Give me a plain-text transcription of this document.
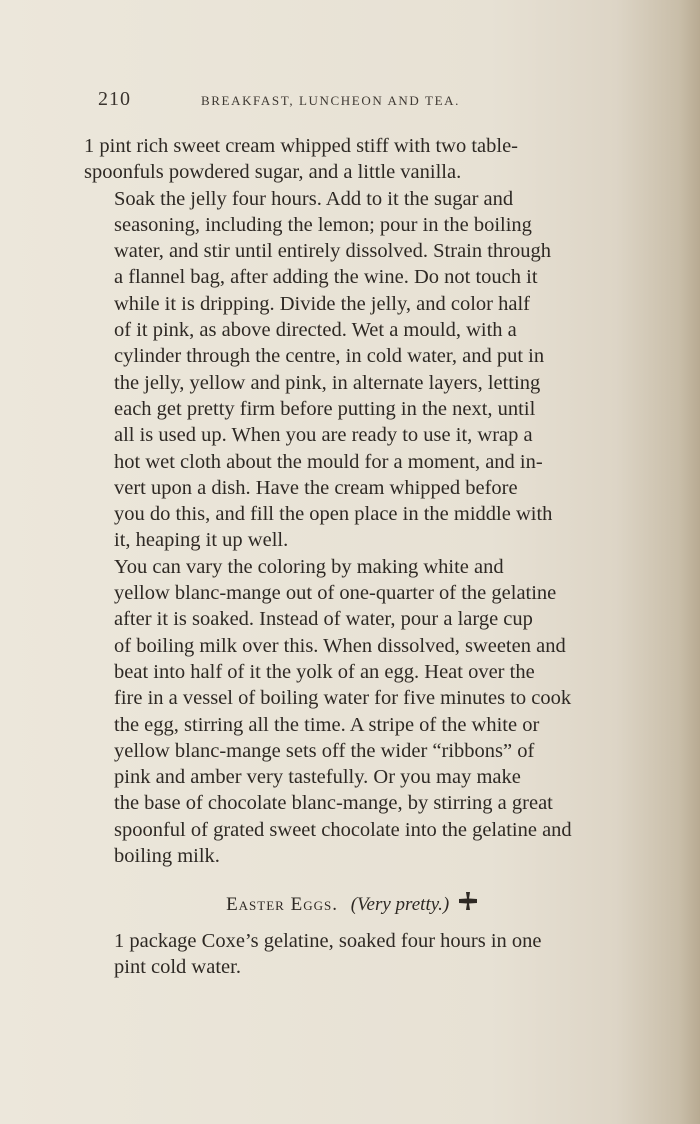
210	BREAKFAST, LUNCHEON AND TEA.

1 pint rich sweet cream whipped stiff with two table-
spoonfuls powdered sugar, and a little vanilla.

Soak the jelly four hours. Add to it the sugar and
seasoning, including the lemon; pour in the boiling
water, and stir until entirely dissolved. Strain through
a flannel bag, after adding the wine. Do not touch it
while it is dripping. Divide the jelly, and color half
of it pink, as above directed. Wet a mould, with a
cylinder through the centre, in cold water, and put in
the jelly, yellow and pink, in alternate layers, letting
each get pretty firm before putting in the next, until
all is used up. When you are ready to use it, wrap a
hot wet cloth about the mould for a moment, and in-
vert upon a dish. Have the cream whipped before
you do this, and fill the open place in the middle with
it, heaping it up well.

You can vary the coloring by making white and
yellow blanc-mange out of one-quarter of the gelatine
after it is soaked. Instead of water, pour a large cup
of boiling milk over this. When dissolved, sweeten and
beat into half of it the yolk of an egg. Heat over the
fire in a vessel of boiling water for five minutes to cook
the egg, stirring all the time. A stripe of the white or
yellow blanc-mange sets off the wider “ribbons” of
pink and amber very tastefully. Or you may make
the base of chocolate blanc-mange, by stirring a great
spoonful of grated sweet chocolate into the gelatine and
boiling milk.

Easter Eggs. (Very pretty.)

1 package Coxe’s gelatine, soaked four hours in one
pint cold water.
